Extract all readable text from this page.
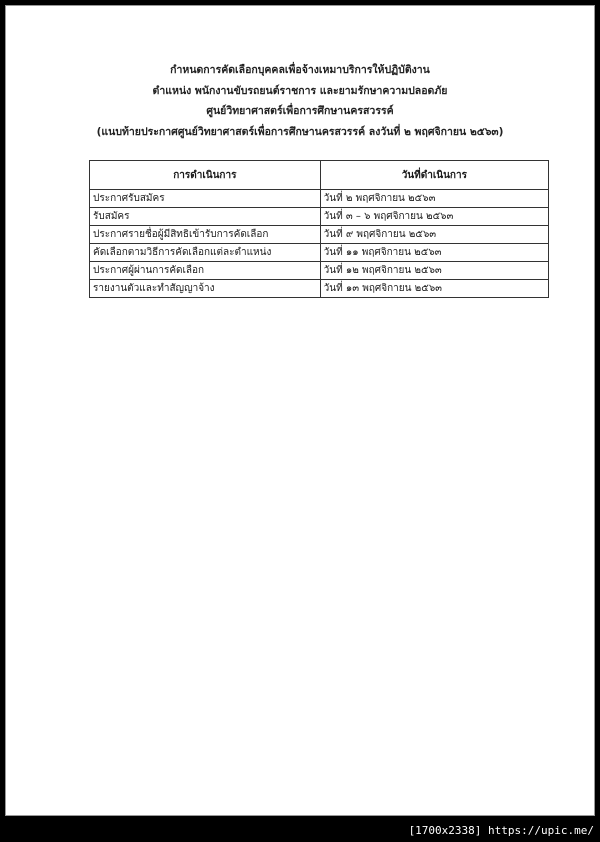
กำหนดการคัดเลือกบุคคลเพื่อจ้างเหมาบริการให้ปฏิบัติงาน
ตำแหน่ง พนักงานขับรถยนต์ราชการ และยามรักษาความปลอดภัย
ศูนย์วิทยาศาสตร์เพื่อการศึกษานครสวรรค์
(แนบท้ายประกาศศูนย์วิทยาศาสตร์เพื่อการศึกษานครสวรรค์ ลงวันที่ ๒ พฤศจิกายน ๒๕๖๓)
การดำเนินการ	วันที่ดำเนินการ
ประกาศรับสมัคร	วันที่ ๒ พฤศจิกายน ๒๕๖๓
รับสมัคร	วันที่ ๓ – ๖ พฤศจิกายน ๒๕๖๓
ประกาศรายชื่อผู้มีสิทธิเข้ารับการคัดเลือก	วันที่ ๙ พฤศจิกายน ๒๕๖๓
คัดเลือกตามวิธีการคัดเลือกแต่ละตำแหน่ง	วันที่ ๑๑ พฤศจิกายน ๒๕๖๓
ประกาศผู้ผ่านการคัดเลือก	วันที่ ๑๒ พฤศจิกายน ๒๕๖๓
รายงานตัวและทำสัญญาจ้าง	วันที่ ๑๓ พฤศจิกายน ๒๕๖๓
[1700x2338] https://upic.me/
